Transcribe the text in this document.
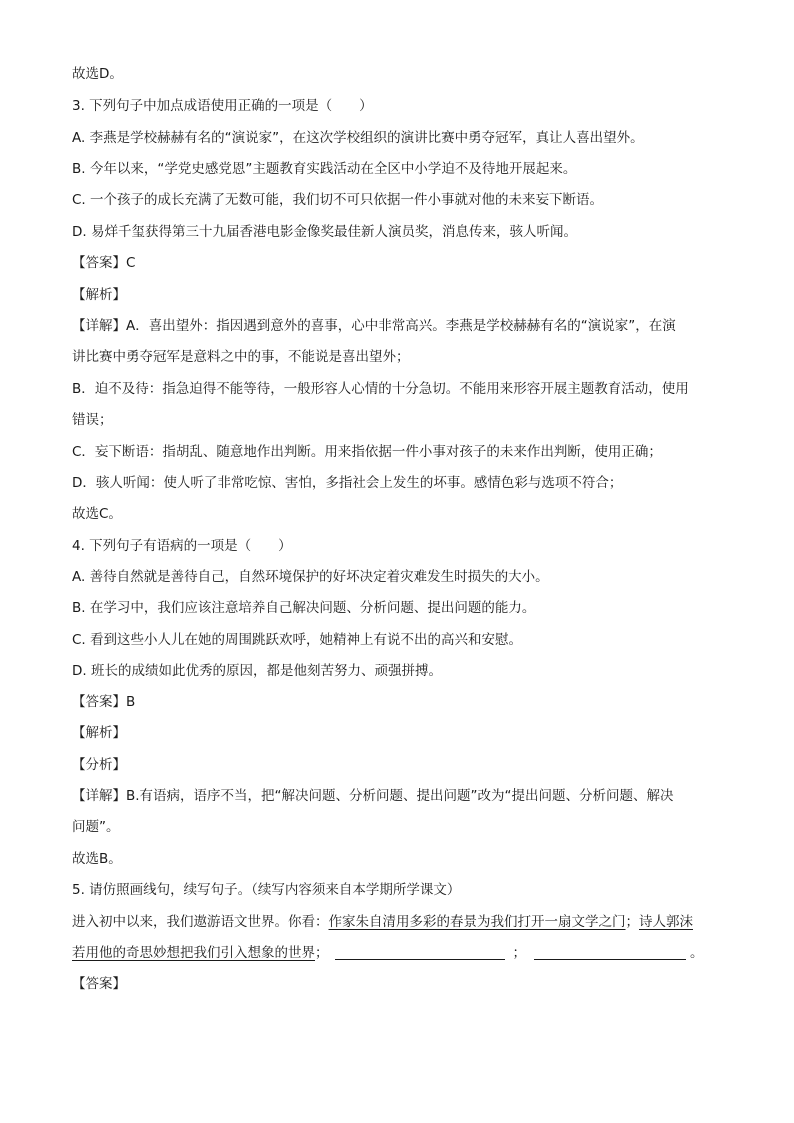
故选D。
3. 下列句子中加点成语使用正确的一项是（　　）
A. 李燕是学校赫赫有名的“演说家”，在这次学校组织的演讲比赛中勇夺冠军，真让人喜出望外。
B. 今年以来，“学党史感党恩”主题教育实践活动在全区中小学迫不及待地开展起来。
C. 一个孩子的成长充满了无数可能，我们切不可只依据一件小事就对他的未来妄下断语。
D. 易烊千玺获得第三十九届香港电影金像奖最佳新人演员奖，消息传来，骇人听闻。
【答案】C
【解析】
【详解】A．喜出望外：指因遇到意外的喜事，心中非常高兴。李燕是学校赫赫有名的“演说家”，在演
讲比赛中勇夺冠军是意料之中的事，不能说是喜出望外；
B．迫不及待：指急迫得不能等待，一般形容人心情的十分急切。不能用来形容开展主题教育活动，使用
错误；
C．妄下断语：指胡乱、随意地作出判断。用来指依据一件小事对孩子的未来作出判断，使用正确；
D．骇人听闻：使人听了非常吃惊、害怕，多指社会上发生的坏事。感情色彩与选项不符合；
故选C。
4. 下列句子有语病的一项是（　　）
A. 善待自然就是善待自己，自然环境保护的好坏决定着灾难发生时损失的大小。
B. 在学习中，我们应该注意培养自己解决问题、分析问题、提出问题的能力。
C. 看到这些小人儿在她的周围跳跃欢呼，她精神上有说不出的高兴和安慰。
D. 班长的成绩如此优秀的原因，都是他刻苦努力、顽强拼搏。
【答案】B
【解析】
【分析】
【详解】B.有语病，语序不当，把“解决问题、分析问题、提出问题”改为“提出问题、分析问题、解决
问题”。
故选B。
5. 请仿照画线句，续写句子。（续写内容须来自本学期所学课文）
进入初中以来，我们遨游语文世界。你看：作家朱自清用多彩的春景为我们打开一扇文学之门；诗人郭沫
若用他的奇思妙想把我们引入想象的世界；	；	。
【答案】
